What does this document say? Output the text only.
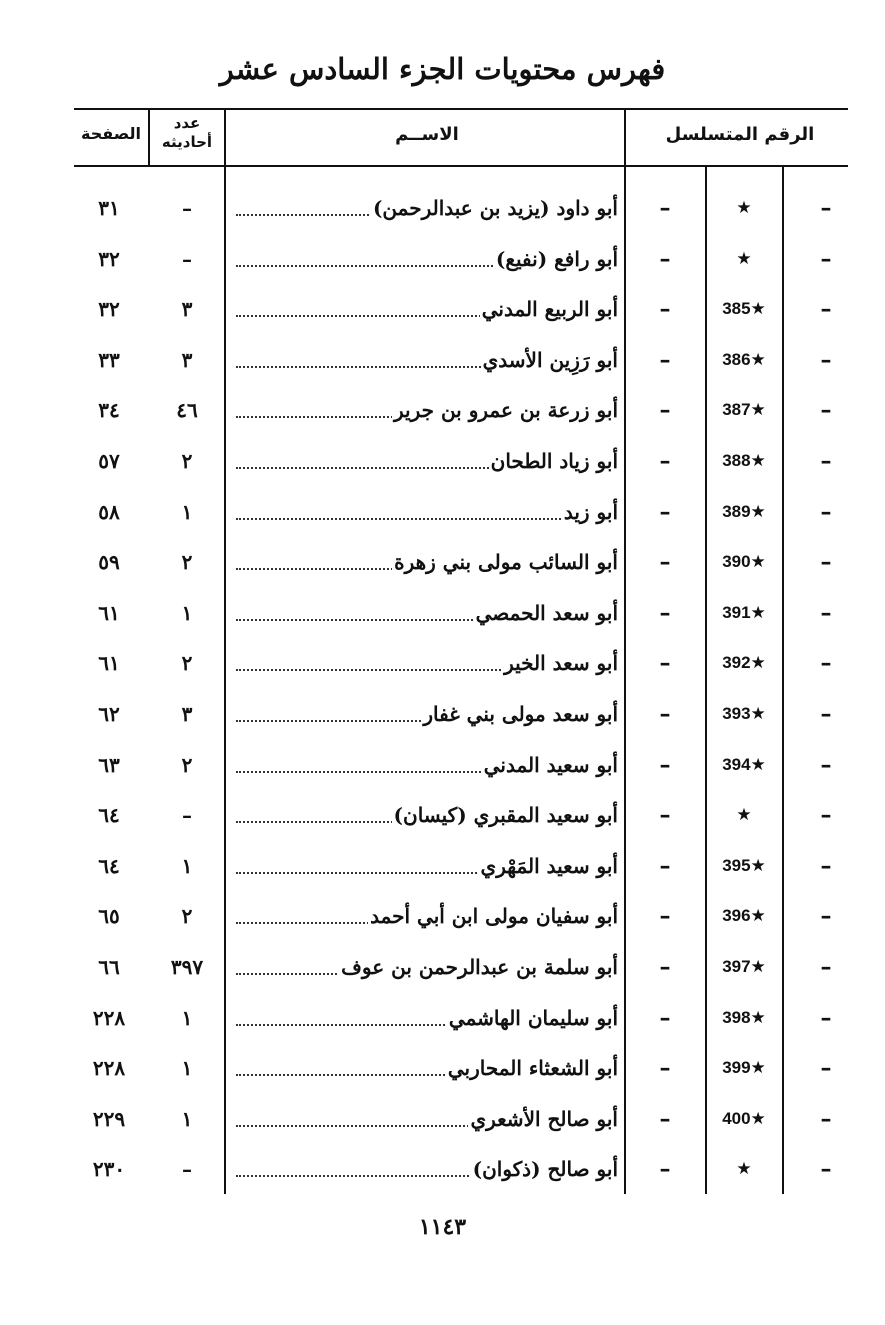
فهرس محتويات الجزء السادس عشر
الرقم المتسلسل
الاســم
عدد أحاديثه
الصفحة
–
★
–
أبو داود (يزيد بن عبدالرحمن)
–
٣١
–
★
–
أبو رافع (نفيع)
–
٣٢
–
385★
–
أبو الربيع المدني
٣
٣٢
–
386★
–
أبو رَزِين الأسدي
٣
٣٣
–
387★
–
أبو زرعة بن عمرو بن جرير
٤٦
٣٤
–
388★
–
أبو زياد الطحان
٢
٥٧
–
389★
–
أبو زيد
١
٥٨
–
390★
–
أبو السائب مولى بني زهرة
٢
٥٩
–
391★
–
أبو سعد الحمصي
١
٦١
–
392★
–
أبو سعد الخير
٢
٦١
–
393★
–
أبو سعد مولى بني غفار
٣
٦٢
–
394★
–
أبو سعيد المدني
٢
٦٣
–
★
–
أبو سعيد المقبري (كيسان)
–
٦٤
–
395★
–
أبو سعيد المَهْري
١
٦٤
–
396★
–
أبو سفيان مولى ابن أبي أحمد
٢
٦٥
–
397★
–
أبو سلمة بن عبدالرحمن بن عوف
٣٩٧
٦٦
–
398★
–
أبو سليمان الهاشمي
١
٢٢٨
–
399★
–
أبو الشعثاء المحاربي
١
٢٢٨
–
400★
–
أبو صالح الأشعري
١
٢٢٩
–
★
–
أبو صالح (ذكوان)
–
٢٣٠
١١٤٣
